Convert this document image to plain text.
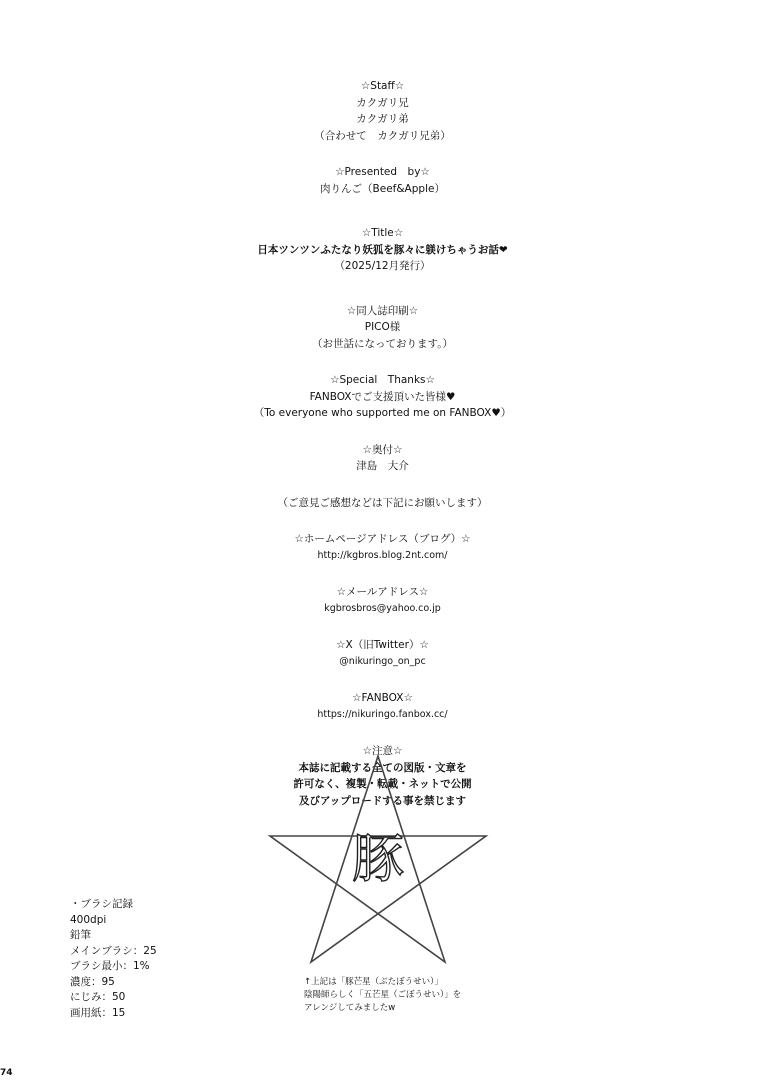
☆Staff☆
カクガリ兄
カクガリ弟
（合わせて　カクガリ兄弟）
☆Presented　by☆
肉りんご（Beef&Apple）
☆Title☆
日本ツンツンふたなり妖狐を豚々に躾けちゃうお話❤
（2025/12月発行）
☆同人誌印刷☆
PICO様
（お世話になっております。）
☆Special　Thanks☆
FANBOXでご支援頂いた皆様♥
（To everyone who supported me on FANBOX♥）
☆奥付☆
津島　大介
（ご意見ご感想などは下記にお願いします）
☆ホームページアドレス（ブログ）☆
http://kgbros.blog.2nt.com/
☆メールアドレス☆
kgbrosbros@yahoo.co.jp
☆X（旧Twitter）☆
@nikuringo_on_pc
☆FANBOX☆
https://nikuringo.fanbox.cc/
☆注意☆
本誌に記載する全ての図版・文章を
許可なく、複製・転載・ネットで公開
及びアップロードする事を禁じます
豚
・ブラシ記録
400dpi
鉛筆
メインブラシ：25
ブラシ最小：1%
濃度：95
にじみ：50
画用紙：15
↑上記は「豚芒星（ぶたぼうせい）」
陰陽師らしく「五芒星（ごぼうせい）」を
アレンジしてみましたw
74
